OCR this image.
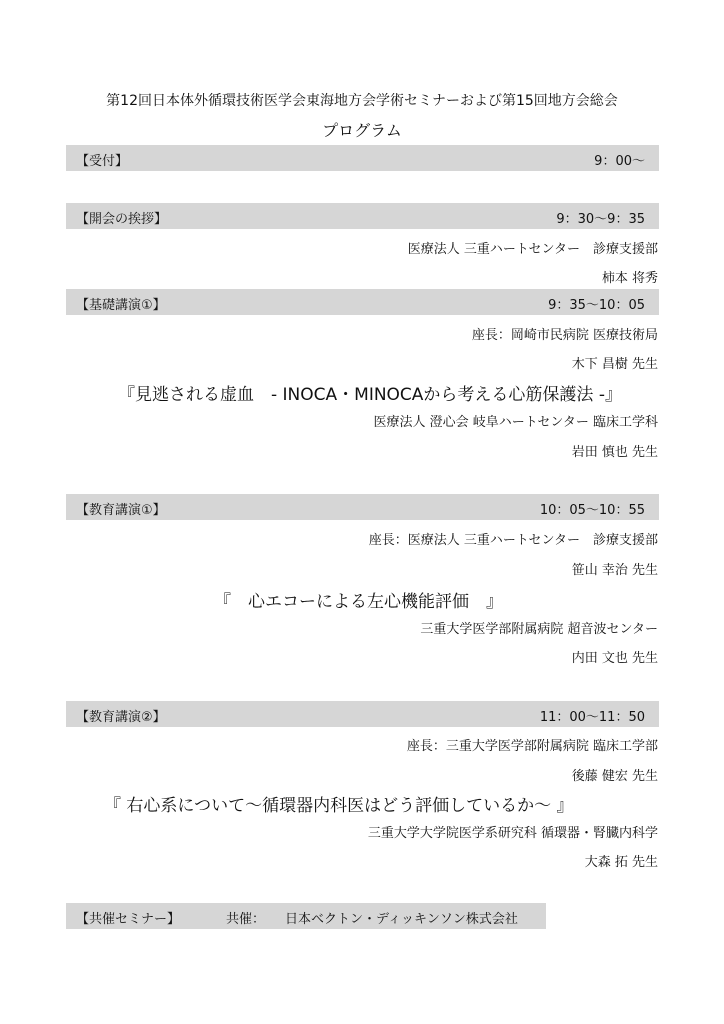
第12回日本体外循環技術医学会東海地方会学術セミナーおよび第15回地方会総会
プログラム
【受付】	9：00〜
【開会の挨拶】	9：30〜9：35
医療法人 三重ハートセンター　診療支援部
柿本 将秀
【基礎講演①】	9：35〜10：05
座長：岡崎市民病院 医療技術局
木下 昌樹 先生
『見逃される虚血　- INOCA・MINOCAから考える心筋保護法 -』
医療法人 澄心会 岐阜ハートセンター 臨床工学科
岩田 慎也 先生
【教育講演①】	10：05〜10：55
座長：医療法人 三重ハートセンター　診療支援部
笹山 幸治 先生
『　心エコーによる左心機能評価　』
三重大学医学部附属病院 超音波センター
内田 文也 先生
【教育講演②】	11：00〜11：50
座長：三重大学医学部附属病院 臨床工学部
後藤 健宏 先生
『 右心系について〜循環器内科医はどう評価しているか〜 』
三重大学大学院医学系研究科 循環器・腎臓内科学
大森 拓 先生
【共催セミナー】	共催： 日本ベクトン・ディッキンソン株式会社
